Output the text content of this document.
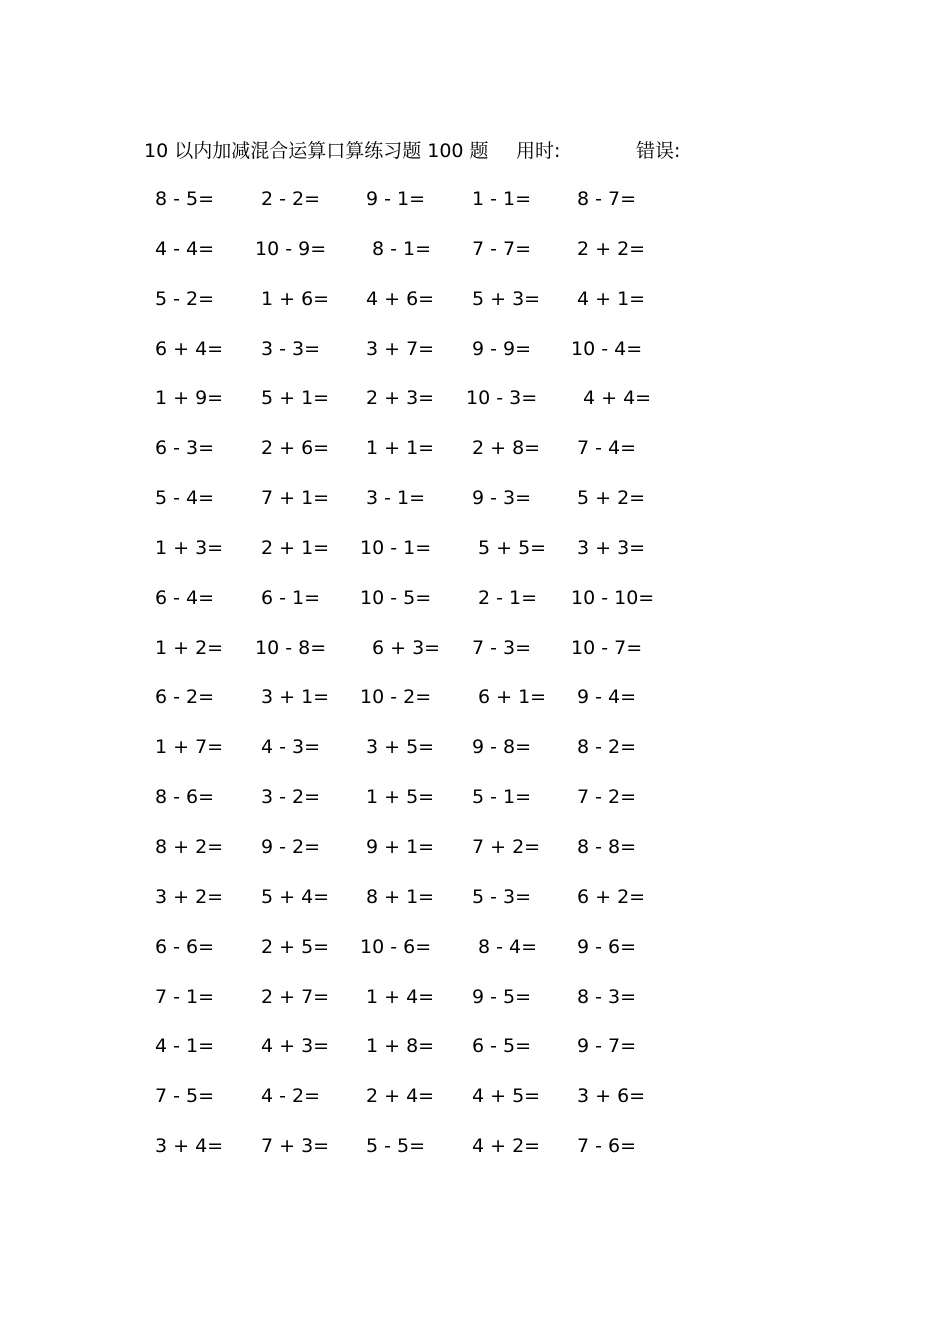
10 以内加减混合运算口算练习题 100 题 用时:	错误:
8 - 5= 2 - 2= 9 - 1= 1 - 1= 8 - 7=
4 - 4= 10 - 9= 8 - 1= 7 - 7= 2 + 2=
5 - 2= 1 + 6= 4 + 6= 5 + 3= 4 + 1=
6 + 4= 3 - 3= 3 + 7= 9 - 9= 10 - 4=
1 + 9= 5 + 1= 2 + 3= 10 - 3= 4 + 4=
6 - 3= 2 + 6= 1 + 1= 2 + 8= 7 - 4=
5 - 4= 7 + 1= 3 - 1= 9 - 3= 5 + 2=
1 + 3= 2 + 1= 10 - 1= 5 + 5= 3 + 3=
6 - 4= 6 - 1= 10 - 5= 2 - 1= 10 - 10=
1 + 2= 10 - 8= 6 + 3= 7 - 3= 10 - 7=
6 - 2= 3 + 1= 10 - 2= 6 + 1= 9 - 4=
1 + 7= 4 - 3= 3 + 5= 9 - 8= 8 - 2=
8 - 6= 3 - 2= 1 + 5= 5 - 1= 7 - 2=
8 + 2= 9 - 2= 9 + 1= 7 + 2= 8 - 8=
3 + 2= 5 + 4= 8 + 1= 5 - 3= 6 + 2=
6 - 6= 2 + 5= 10 - 6= 8 - 4= 9 - 6=
7 - 1= 2 + 7= 1 + 4= 9 - 5= 8 - 3=
4 - 1= 4 + 3= 1 + 8= 6 - 5= 9 - 7=
7 - 5= 4 - 2= 2 + 4= 4 + 5= 3 + 6=
3 + 4= 7 + 3= 5 - 5= 4 + 2= 7 - 6=
